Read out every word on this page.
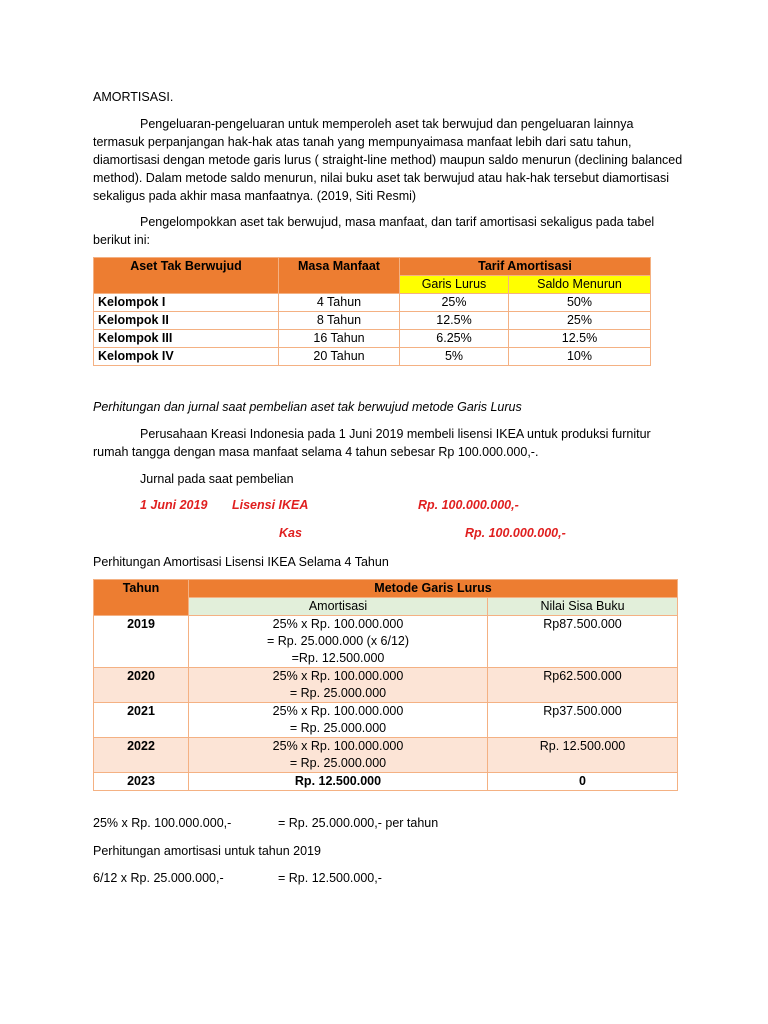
AMORTISASI.

Pengeluaran-pengeluaran untuk memperoleh aset tak berwujud dan pengeluaran lainnya termasuk perpanjangan hak-hak atas tanah yang mempunyaimasa manfaat lebih dari satu tahun, diamortisasi dengan metode garis lurus ( straight-line method) maupun saldo menurun (declining balanced method). Dalam metode saldo menurun, nilai buku aset tak berwujud atau hak-hak tersebut diamortisasi sekaligus pada akhir masa manfaatnya. (2019, Siti Resmi)

Pengelompokkan aset tak berwujud, masa manfaat, dan tarif amortisasi sekaligus pada tabel berikut ini:

Aset Tak Berwujud	Masa Manfaat	Tarif Amortisasi	
		Garis Lurus	Saldo Menurun
Kelompok I	4 Tahun	25%	50%
Kelompok II	8 Tahun	12.5%	25%
Kelompok III	16 Tahun	6.25%	12.5%
Kelompok IV	20 Tahun	5%	10%

Perhitungan dan jurnal saat pembelian aset tak berwujud metode Garis Lurus

Perusahaan Kreasi Indonesia pada 1 Juni 2019 membeli lisensi IKEA untuk produksi furnitur rumah tangga dengan masa manfaat selama 4 tahun sebesar Rp 100.000.000,-.

Jurnal pada saat pembelian

1 Juni 2019 Lisensi IKEA	Rp. 100.000.000,-
Kas	Rp. 100.000.000,-

Perhitungan Amortisasi Lisensi IKEA Selama 4 Tahun

Tahun	Metode Garis Lurus	
	Amortisasi	Nilai Sisa Buku
2019	25% x Rp. 100.000.000
= Rp. 25.000.000 (x 6/12)
=Rp. 12.500.000	Rp87.500.000
2020	25% x Rp. 100.000.000
= Rp. 25.000.000	Rp62.500.000
2021	25% x Rp. 100.000.000
= Rp. 25.000.000	Rp37.500.000
2022	25% x Rp. 100.000.000
= Rp. 25.000.000	Rp. 12.500.000
2023	Rp. 12.500.000	0
25% x Rp. 100.000.000,-	= Rp. 25.000.000,- per tahun

Perhitungan amortisasi untuk tahun 2019

6/12 x Rp. 25.000.000,-	= Rp. 12.500.000,-
